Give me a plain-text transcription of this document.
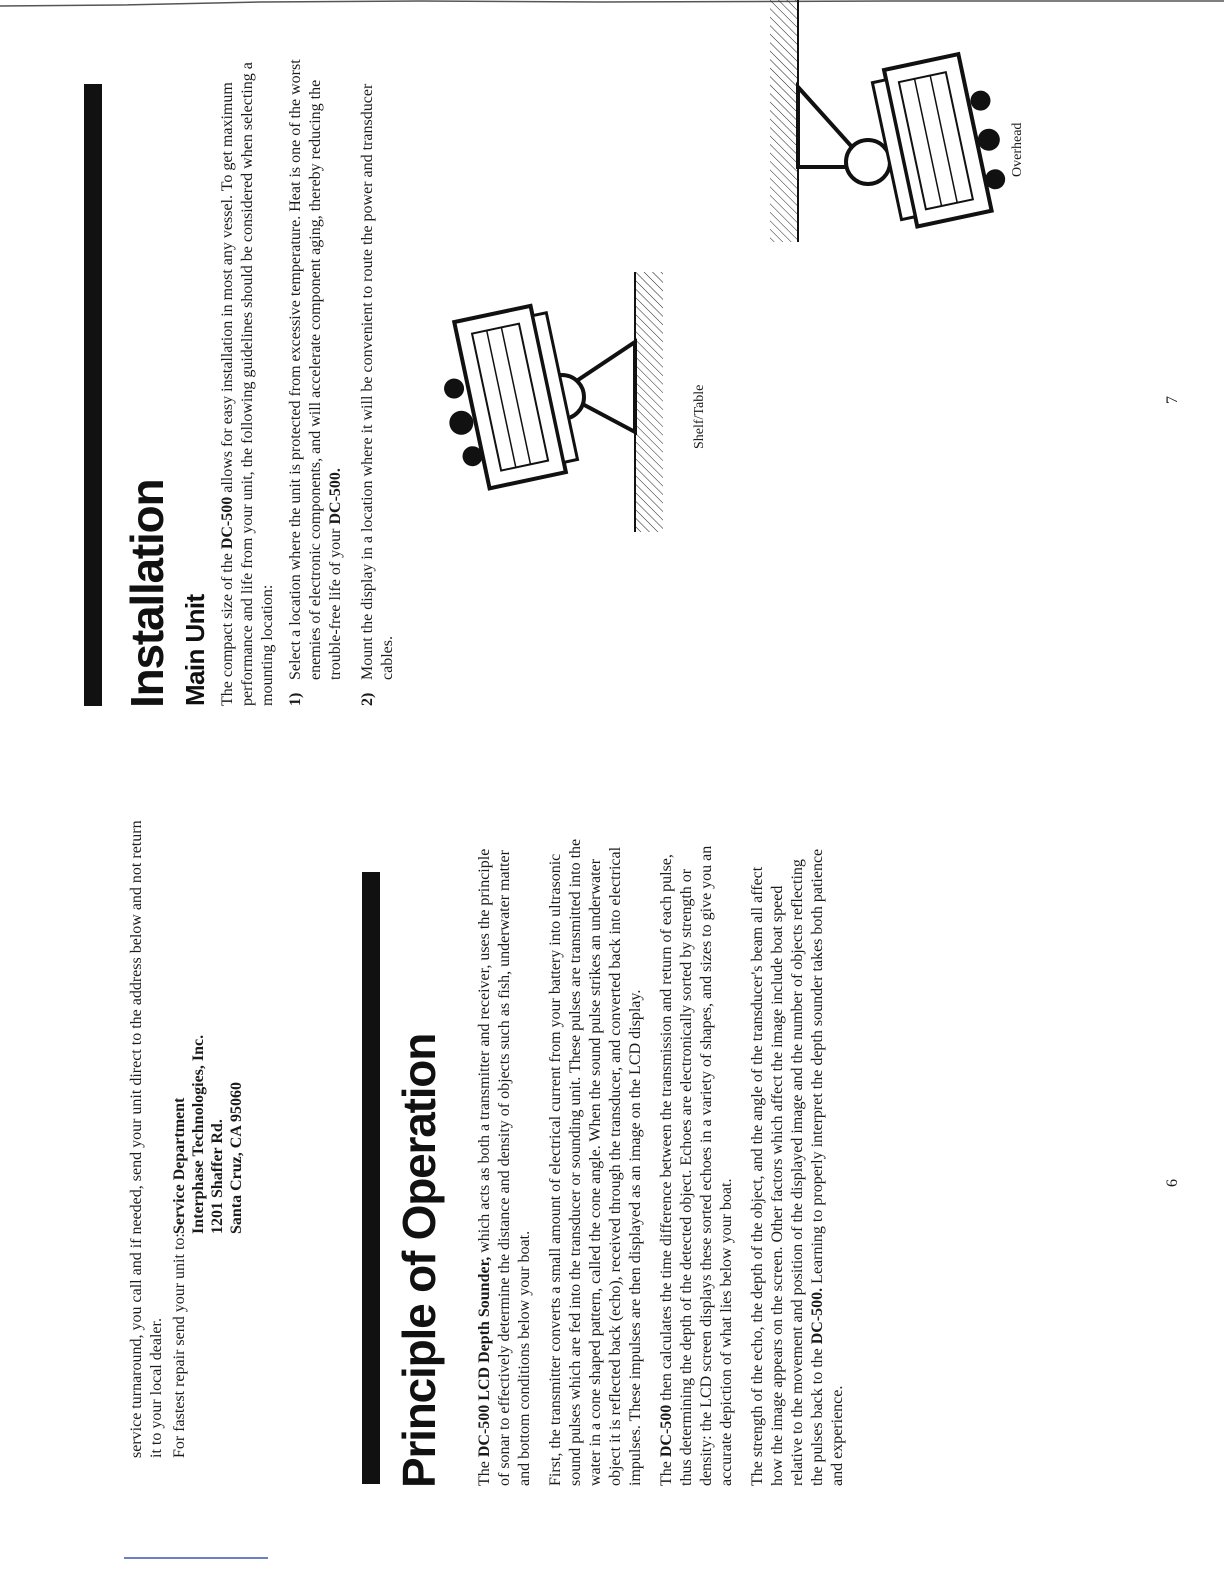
service turnaround, you call and if needed, send your unit direct to the address below and not return it to your local dealer. For fastest repair send your unit to:

Service Department Interphase Technologies, Inc. 1201 Shaffer Rd. Santa Cruz, CA 95060	Principle of Operation The DC-500 LCD Depth Sounder, which acts as both a transmitter and receiver, uses the principle of sonar to effectively determine the distance and density of objects such as fish, underwater matter and bottom conditions below your boat. First, the transmitter converts a small amount of electrical current from your battery into ultrasonic sound pulses which are fed into the transducer or sounding unit. These pulses are transmitted into the water in a cone shaped pattern, called the cone angle. When the sound pulse strikes an underwater object it is reflected back (echo), received through the transducer, and converted back into electrical impulses. These impulses are then displayed as an image on the LCD display. The DC-500 then calculates the time difference between the transmission and return of each pulse, thus determining the depth of the detected object. Echoes are electronically sorted by strength or density: the LCD screen displays these sorted echoes in a variety of shapes, and sizes to give you an accurate depiction of what lies below your boat. The strength of the echo, the depth of the object, and the angle of the transducer's beam all affect how the image appears on the screen. Other factors which affect the image include boat speed relative to the movement and position of the displayed image and the number of objects reflecting the pulses back to the DC-500. Learning to properly interpret the depth sounder takes both patience and experience.

6
Installation Main Unit The compact size of the DC-500 allows for easy installation in most any vessel. To get maximum performance and life from your unit, the following guidelines should be considered when selecting a mounting location: 1)
Select a location where the unit is protected from excessive temperature. Heat is one of the worst enemies of electronic components, and will accelerate component aging, thereby reducing the trouble-free life of your DC-500.
2)
Mount the display in a location where it will be convenient to route the power and transducer cables.
Shelf/Table
Overhead
7
